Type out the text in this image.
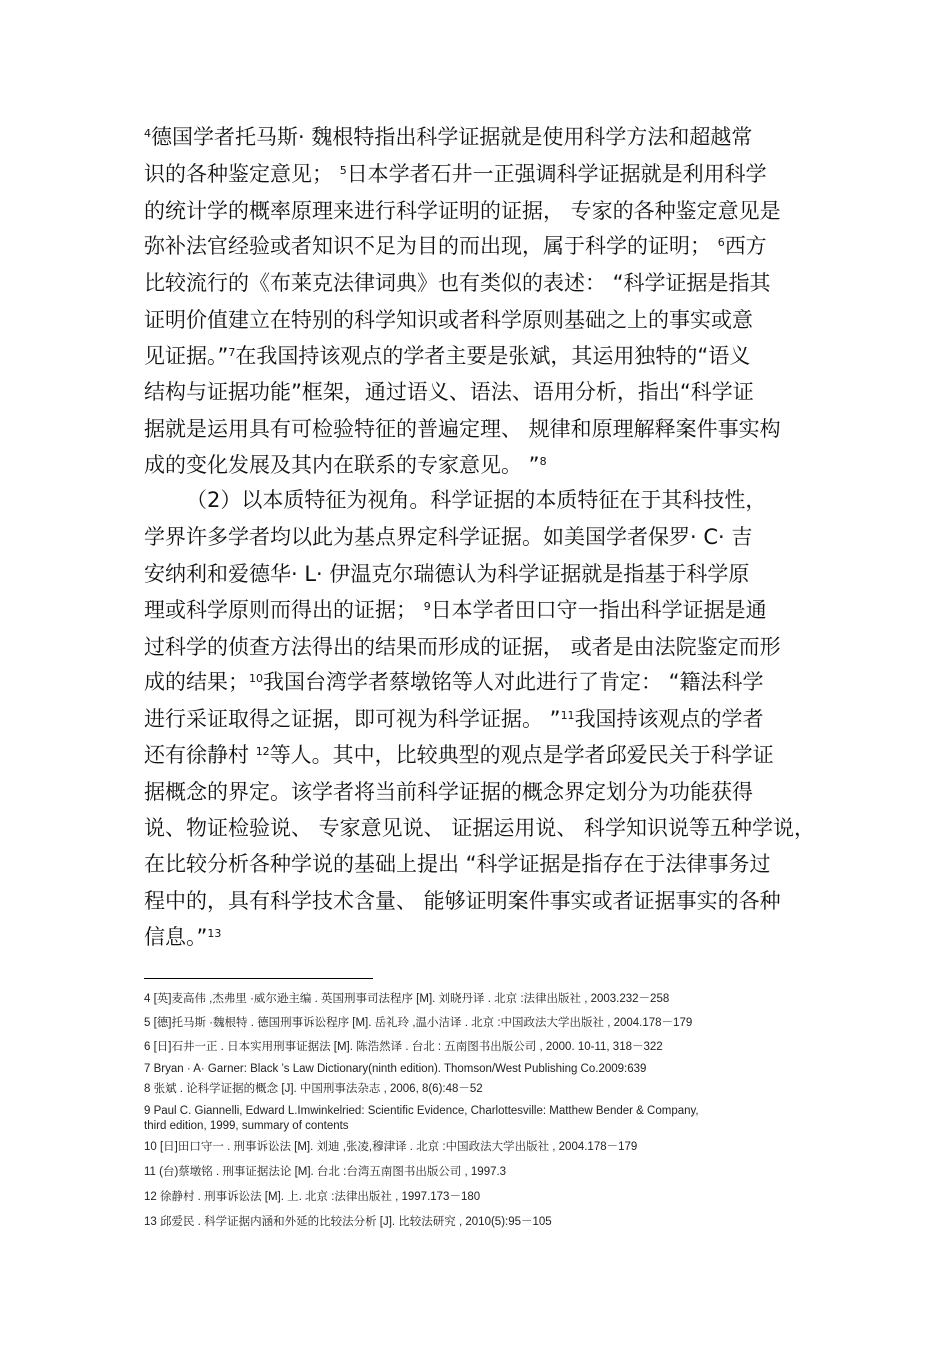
$^4$德国学者托马斯· 魏根特指出科学证据就是使用科学方法和超越常

识的各种鉴定意见； $^5$日本学者石井一正强调科学证据就是利用科学

的统计学的概率原理来进行科学证明的证据， 专家的各种鉴定意见是

弥补法官经验或者知识不足为目的而出现，属于科学的证明； $^6$西方

比较流行的《布莱克法律词典》也有类似的表述： “科学证据是指其

证明价值建立在特别的科学知识或者科学原则基础之上的事实或意

见证据。”$^7$在我国持该观点的学者主要是张斌，其运用独特的“语义

结构与证据功能”框架，通过语义、语法、语用分析，指出“科学证

据就是运用具有可检验特征的普遍定理、 规律和原理解释案件事实构

成的变化发展及其内在联系的专家意见。 ”$^8$

（2）以本质特征为视角。科学证据的本质特征在于其科技性，

学界许多学者均以此为基点界定科学证据。如美国学者保罗· C· 吉

安纳利和爱德华· L· 伊温克尔瑞德认为科学证据就是指基于科学原

理或科学原则而得出的证据； $^9$日本学者田口守一指出科学证据是通

过科学的侦查方法得出的结果而形成的证据， 或者是由法院鉴定而形

成的结果；$^{10}$我国台湾学者蔡墩铭等人对此进行了肯定： “籍法科学

进行采证取得之证据，即可视为科学证据。 ”$^{11}$我国持该观点的学者

还有徐静村 $^{12}$等人。其中，比较典型的观点是学者邱爱民关于科学证

据概念的界定。该学者将当前科学证据的概念界定划分为功能获得

说、物证检验说、 专家意见说、 证据运用说、 科学知识说等五种学说，

在比较分析各种学说的基础上提出 “科学证据是指存在于法律事务过

程中的，具有科学技术含量、 能够证明案件事实或者证据事实的各种

信息。”$^{13}$

4 [英]麦高伟 ,杰弗里 ·威尔逊主编 . 英国刑事司法程序 [M]. 刘晓丹译 . 北京 :法律出版社 , 2003.232－258

5 [德]托马斯 ·魏根特 . 德国刑事诉讼程序 [M]. 岳礼玲 ,温小洁译 . 北京 :中国政法大学出版社 , 2004.178－179

6 [日]石井一正 . 日本实用刑事证据法 [M]. 陈浩然译 . 台北 : 五南图书出版公司 , 2000. 10-11, 318－322

7 Bryan · A· Garner: Black ’s Law Dictionary(ninth edition). Thomson/West Publishing Co.2009:639

8 张斌 . 论科学证据的概念 [J]. 中国刑事法杂志 , 2006, 8(6):48－52

9 Paul C. Giannelli, Edward L.Imwinkelried: Scientific Evidence, Charlottesville: Matthew Bender & Company,

third edition, 1999, summary of contents

10 [日]田口守一 . 刑事诉讼法 [M]. 刘迪 ,张凌,穆津译 . 北京 :中国政法大学出版社 , 2004.178－179

11 (台)蔡墩铭 . 刑事证据法论 [M]. 台北 :台湾五南图书出版公司 , 1997.3

12 徐静村 . 刑事诉讼法 [M]. 上. 北京 :法律出版社 , 1997.173－180

13 邱爱民 . 科学证据内涵和外延的比较法分析 [J]. 比较法研究 , 2010(5):95－105
